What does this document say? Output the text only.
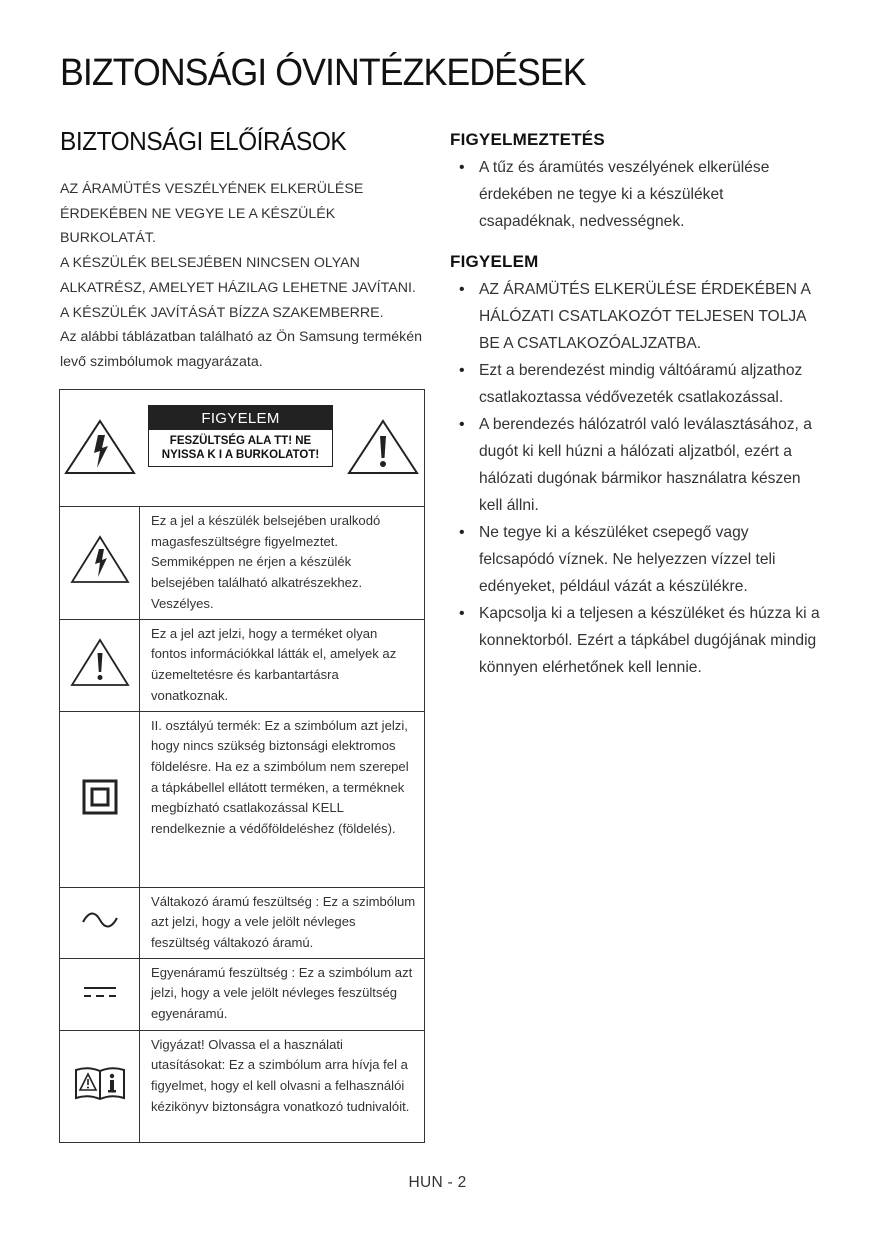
BIZTONSÁGI ÓVINTÉZKEDÉSEK
BIZTONSÁGI ELŐÍRÁSOK

AZ ÁRAMÜTÉS VESZÉLYÉNEK ELKERÜLÉSE ÉRDEKÉBEN NE VEGYE LE A KÉSZÜLÉK BURKOLATÁT.

A KÉSZÜLÉK BELSEJÉBEN NINCSEN OLYAN ALKATRÉSZ, AMELYET HÁZILAG LEHETNE JAVÍTANI. A KÉSZÜLÉK JAVÍTÁSÁT BÍZZA SZAKEMBERRE.

Az alábbi táblázatban található az Ön Samsung termékén levő szimbólumok magyarázata.

FIGYELEM
FESZÜLTSÉG ALA TT! NE NYISSA K I A BURKOLATOT!	

	Ez a jel a készülék belsejében uralkodó magasfeszültségre figyelmeztet. Semmiképpen ne érjen a készülék belsejében található alkatrészekhez. Veszélyes.
	Ez a jel azt jelzi, hogy a terméket olyan fontos információkkal látták el, amelyek az üzemeltetésre és karbantartásra vonatkoznak.
	II. osztályú termék: Ez a szimbólum azt jelzi, hogy nincs szükség biztonsági elektromos földelésre. Ha ez a szimbólum nem szerepel a tápkábellel ellátott terméken, a terméknek megbízható csatlakozással KELL rendelkeznie a védőföldeléshez (földelés).
	Váltakozó áramú feszültség : Ez a szimbólum azt jelzi, hogy a vele jelölt névleges feszültség váltakozó áramú.
	Egyenáramú feszültség : Ez a szimbólum azt jelzi, hogy a vele jelölt névleges feszültség egyenáramú.
	Vigyázat! Olvassa el a használati utasításokat: Ez a szimbólum arra hívja fel a figyelmet, hogy el kell olvasni a felhasználói kézikönyv biztonságra vonatkozó tudnivalóit.
FIGYELMEZTETÉS
• A tűz és áramütés veszélyének elkerülése érdekében ne tegye ki a készüléket csapadéknak, nedvességnek.
FIGYELEM
• AZ ÁRAMÜTÉS ELKERÜLÉSE ÉRDEKÉBEN A HÁLÓZATI CSATLAKOZÓT TELJESEN TOLJA BE A CSATLAKOZÓALJZATBA.
• Ezt a berendezést mindig váltóáramú aljzathoz csatlakoztassa védővezeték csatlakozással.
• A berendezés hálózatról való leválasztásához, a dugót ki kell húzni a hálózati aljzatból, ezért a hálózati dugónak bármikor használatra készen kell állni.
• Ne tegye ki a készüléket csepegő vagy felcsapódó víznek. Ne helyezzen vízzel teli edényeket, például vázát a készülékre.
• Kapcsolja ki a teljesen a készüléket és húzza ki a konnektorból. Ezért a tápkábel dugójának mindig könnyen elérhetőnek kell lennie.
HUN - 2
